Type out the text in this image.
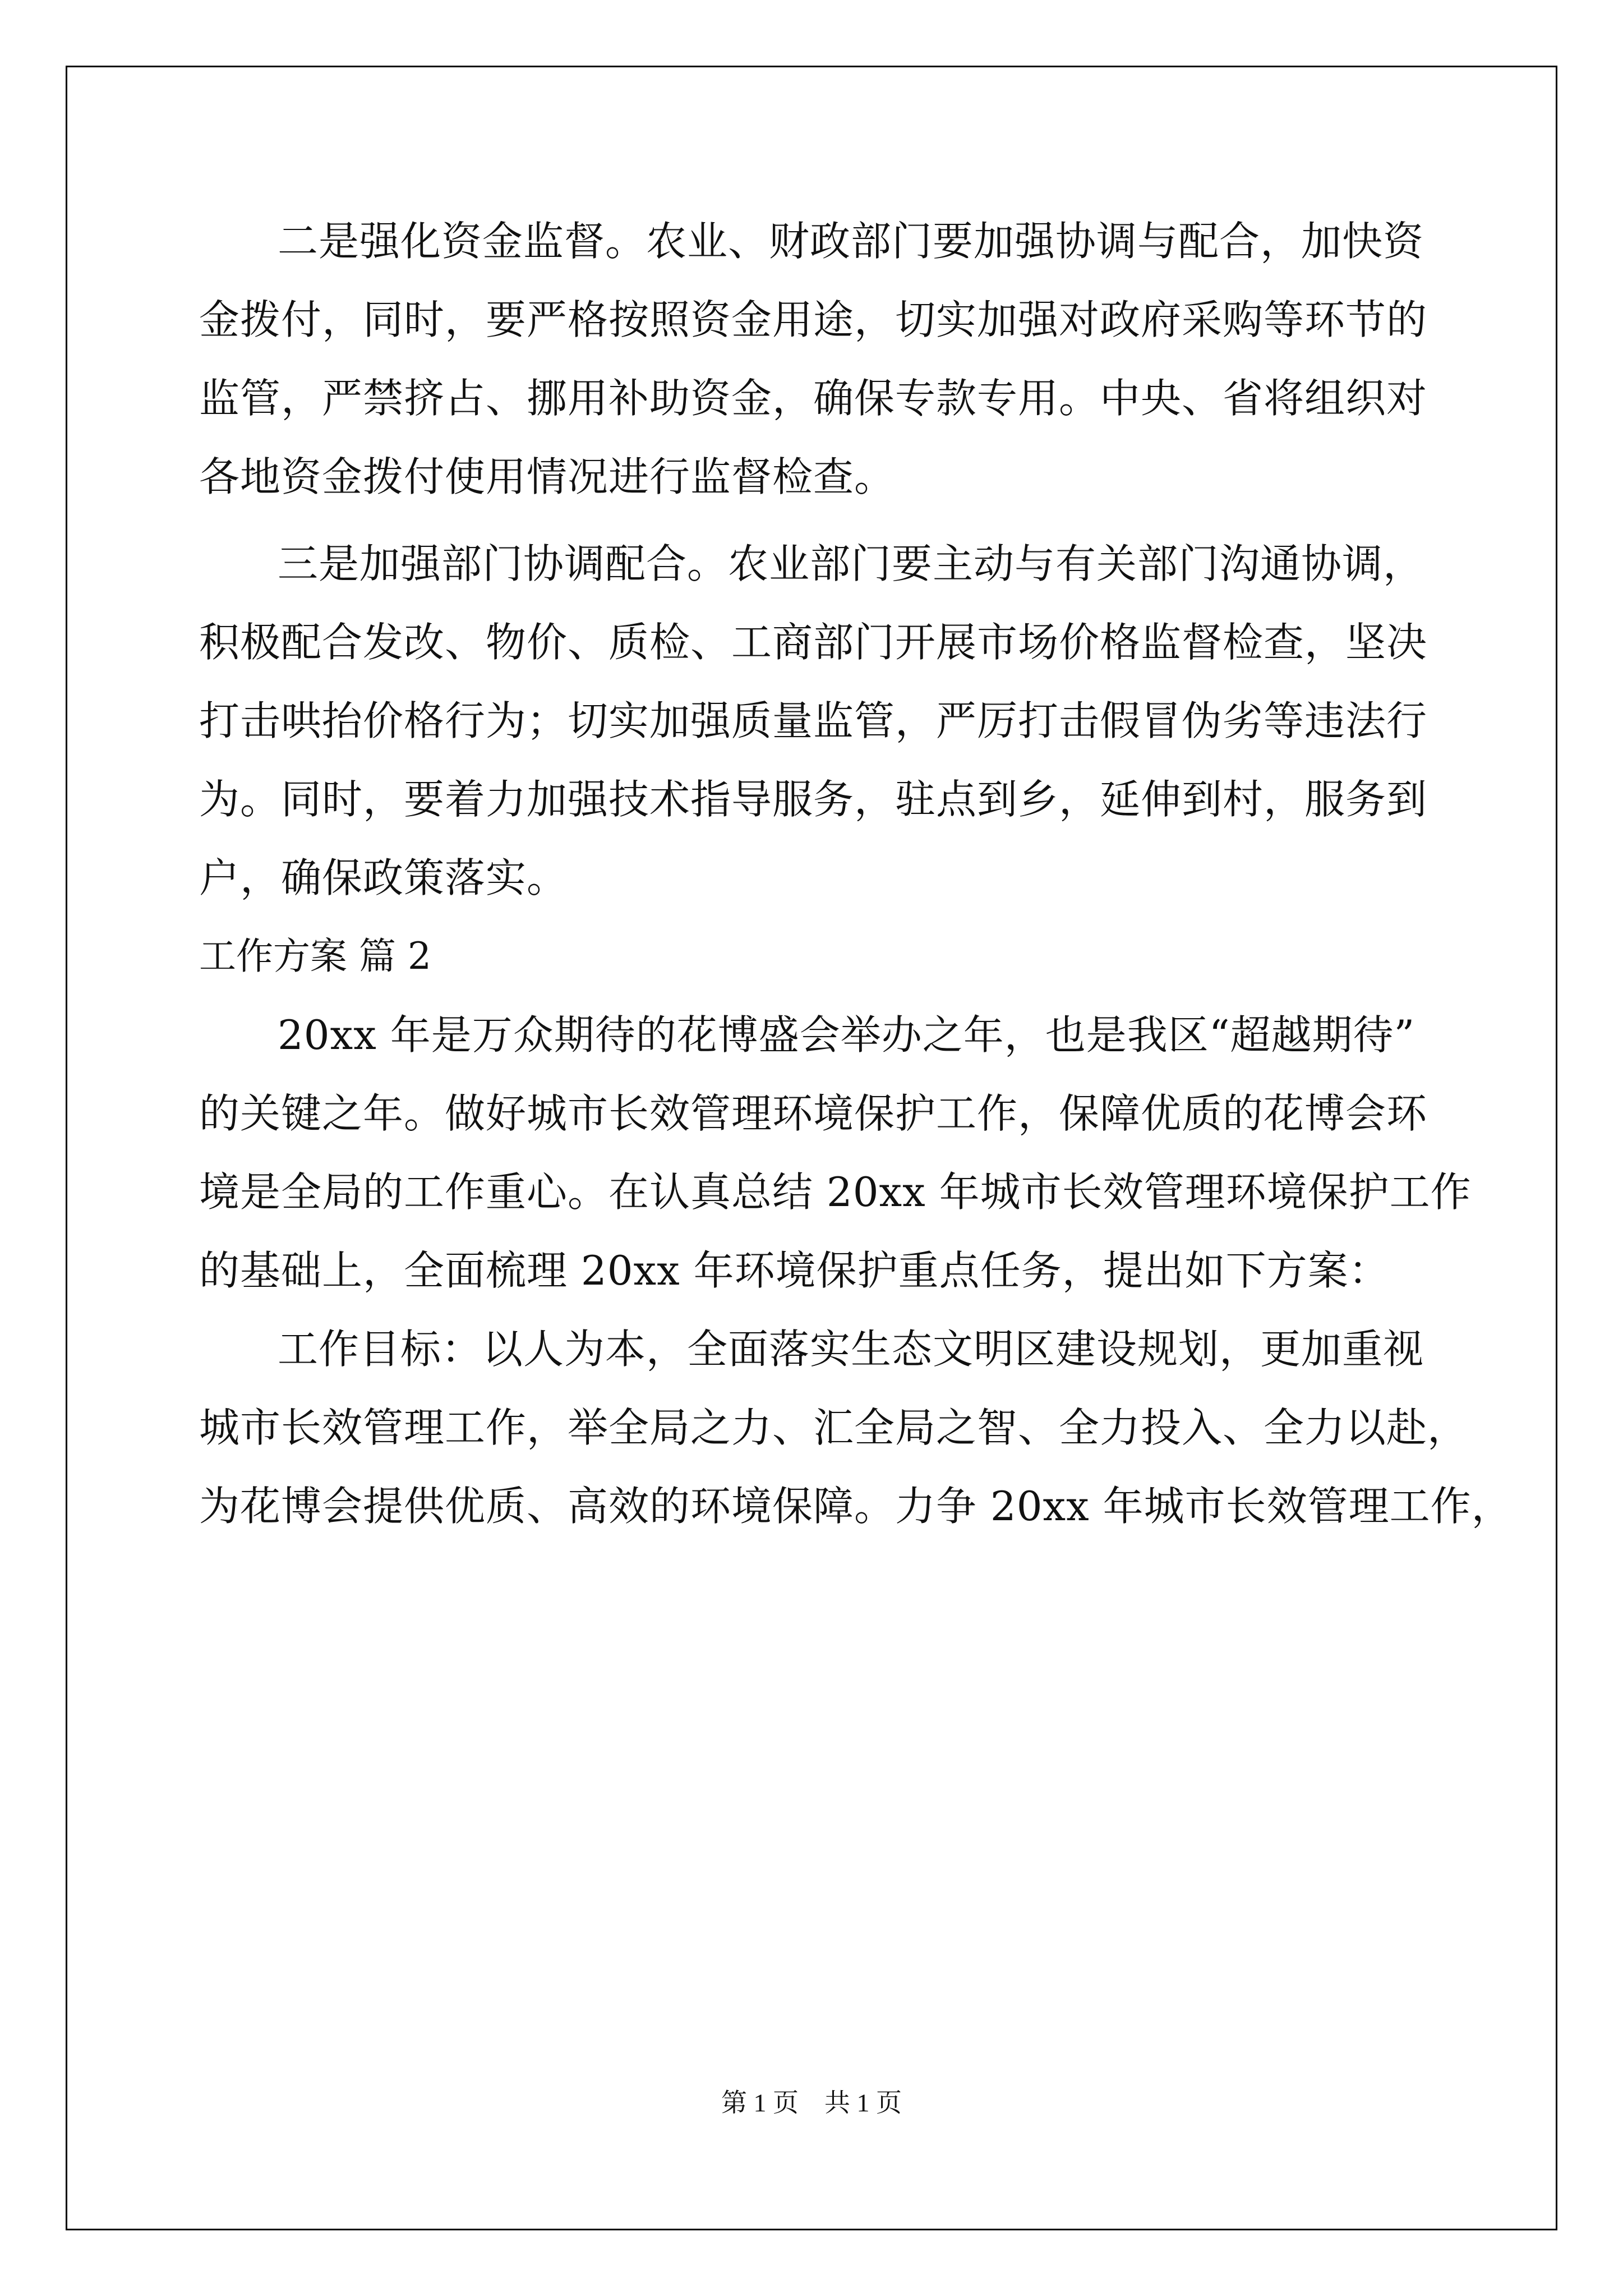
二是强化资金监督。农业、财政部门要加强协调与配合，加快资
金拨付，同时，要严格按照资金用途，切实加强对政府采购等环节的
监管，严禁挤占、挪用补助资金，确保专款专用。中央、省将组织对
各地资金拨付使用情况进行监督检查。
三是加强部门协调配合。农业部门要主动与有关部门沟通协调，
积极配合发改、物价、质检、工商部门开展市场价格监督检查，坚决
打击哄抬价格行为；切实加强质量监管，严厉打击假冒伪劣等违法行
为。同时，要着力加强技术指导服务，驻点到乡，延伸到村，服务到
户，确保政策落实。
工作方案 篇 2
20xx 年是万众期待的花博盛会举办之年，也是我区“超越期待”
的关键之年。做好城市长效管理环境保护工作，保障优质的花博会环
境是全局的工作重心。在认真总结 20xx 年城市长效管理环境保护工作
的基础上，全面梳理 20xx 年环境保护重点任务，提出如下方案：
工作目标：以人为本，全面落实生态文明区建设规划，更加重视
城市长效管理工作，举全局之力、汇全局之智、全力投入、全力以赴，
为花博会提供优质、高效的环境保障。力争 20xx 年城市长效管理工作，
第 1 页　共 1 页
